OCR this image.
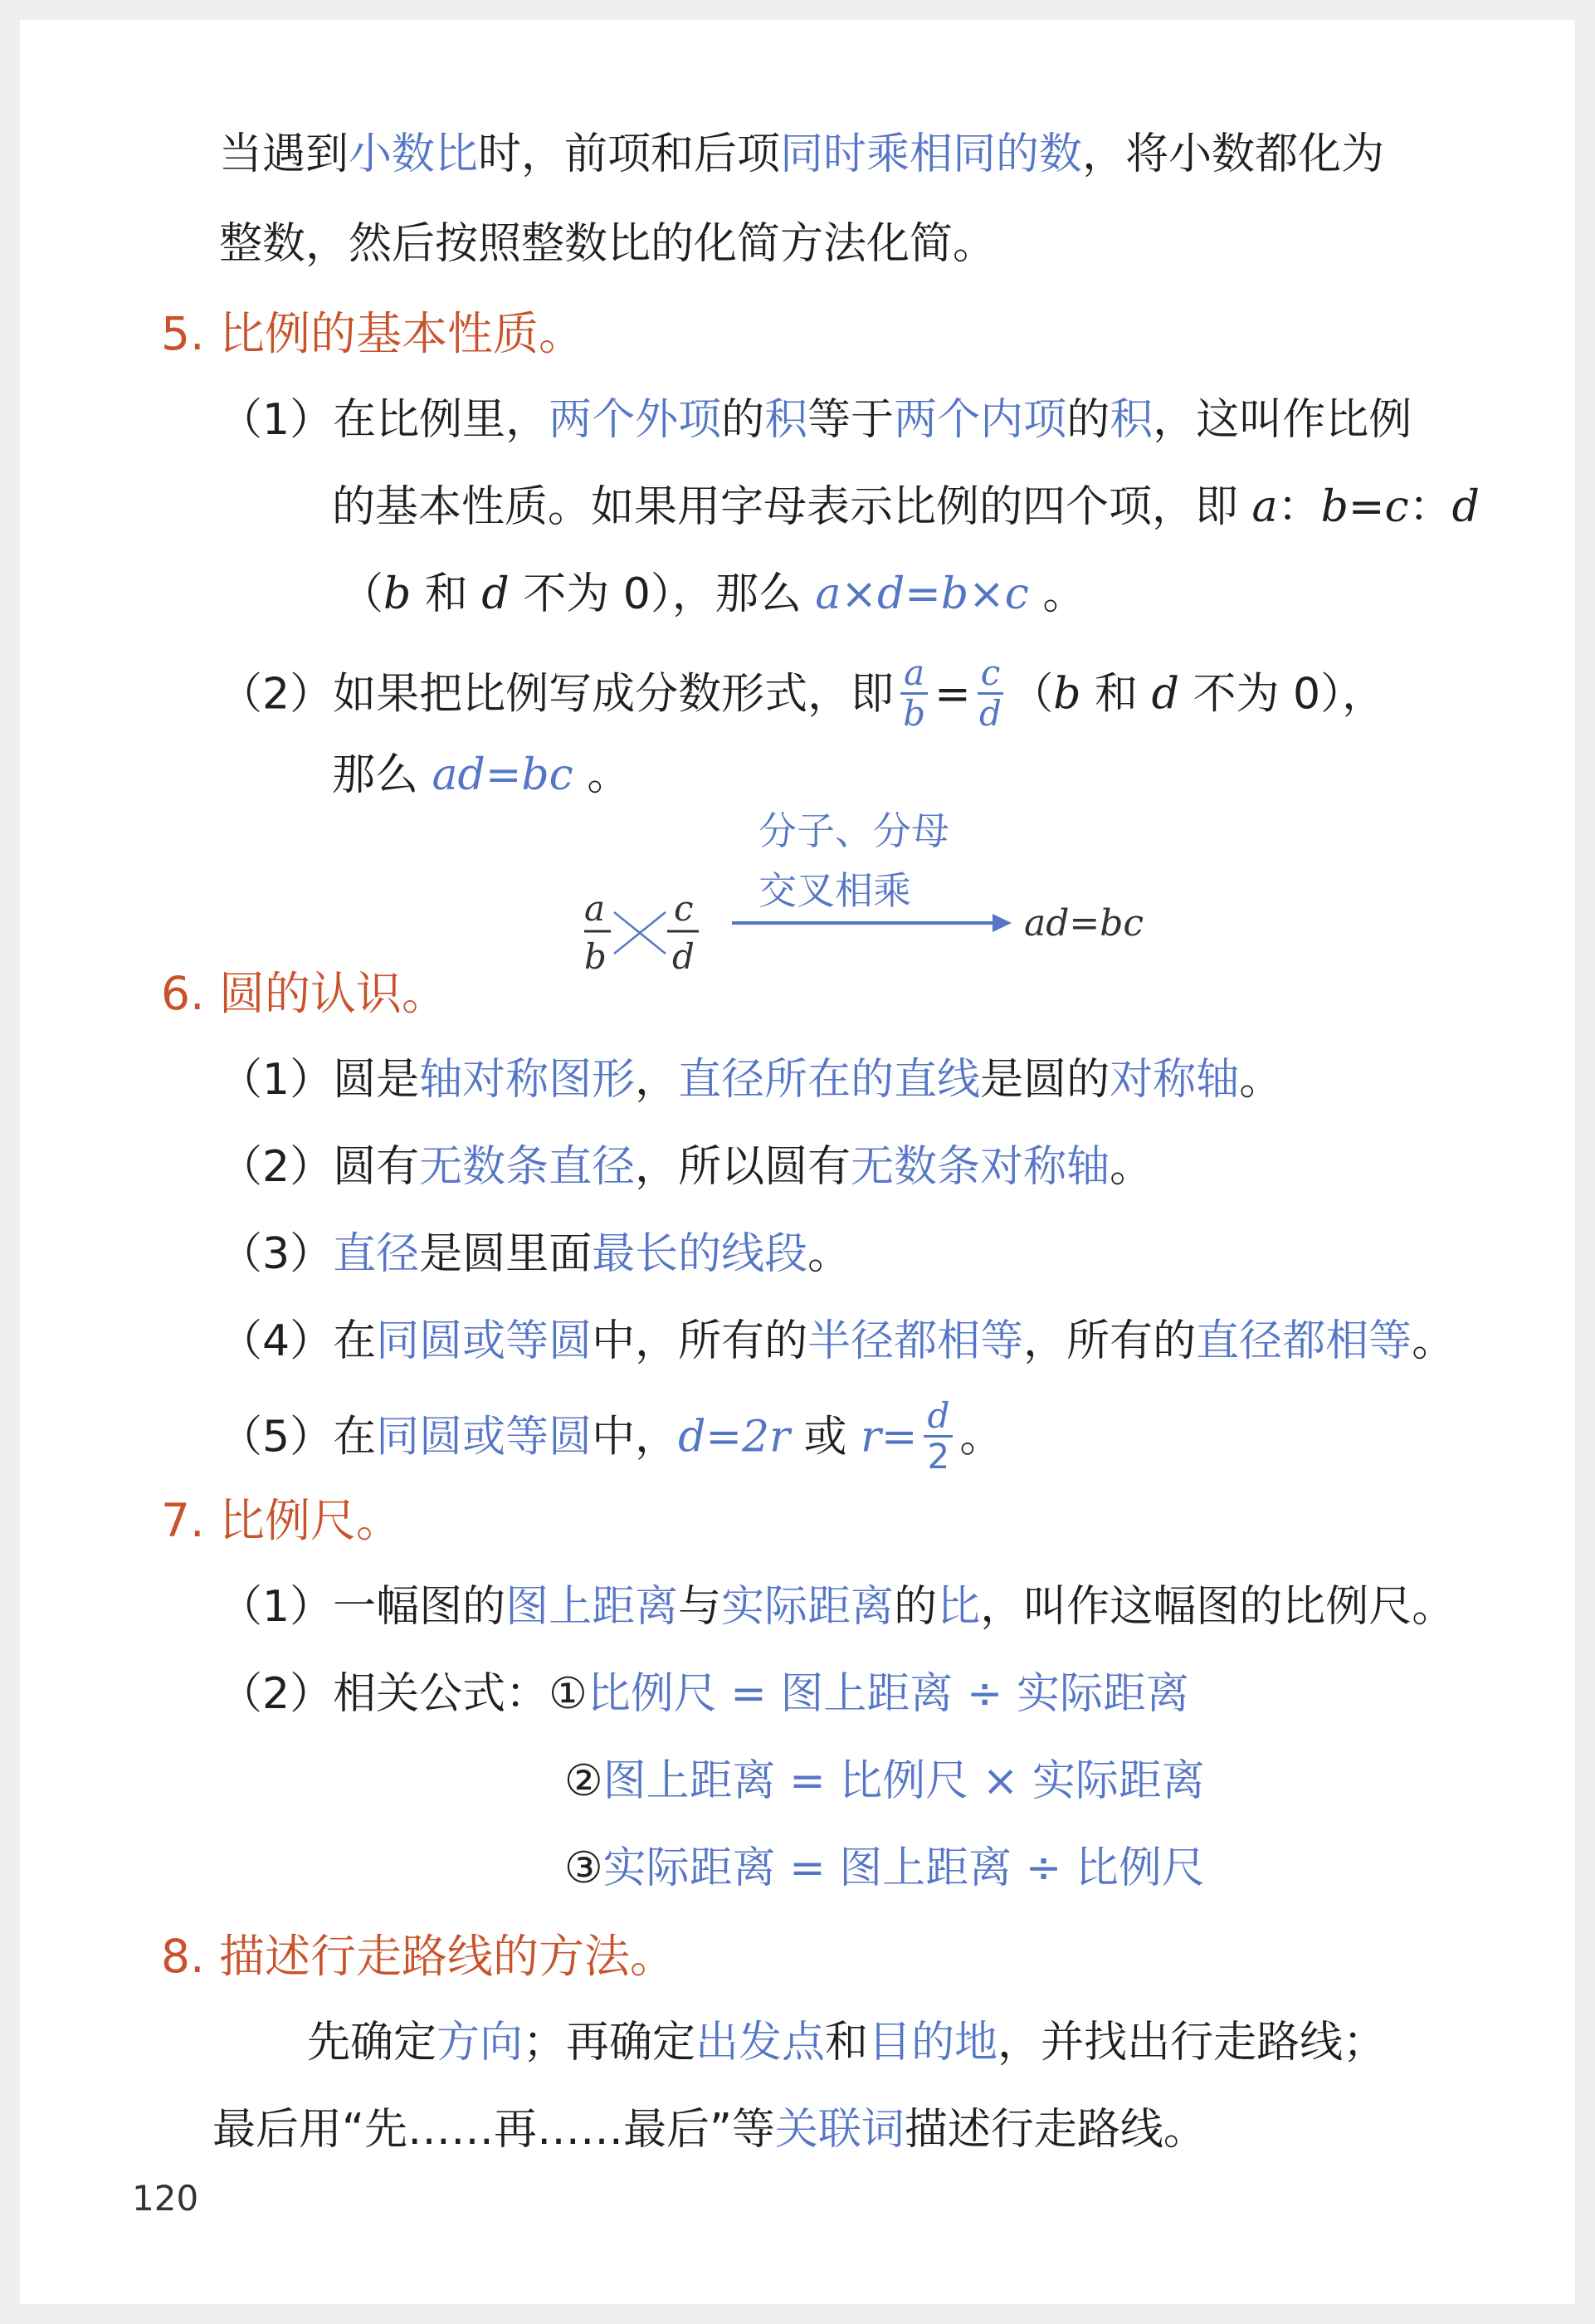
当遇到小数比时，前项和后项同时乘相同的数，将小数都化为
整数，然后按照整数比的化简方法化简。
5. 比例的基本性质。
（1）在比例里，两个外项的积等于两个内项的积，这叫作比例
的基本性质。如果用字母表示比例的四个项，即 a：b=c：d
（b 和 d 不为 0），那么 a×d=b×c 。
（2）如果把比例写成分数形式，即 $\frac{a}{b} = \frac{c}{d} (b$ 和 d 不为 0），
那么 ad=bc 。
分子、分母
交叉相乘
a
b
c
d
ad=bc
6. 圆的认识。
（1）圆是轴对称图形，直径所在的直线是圆的对称轴。
（2）圆有无数条直径，所以圆有无数条对称轴。
（3）直径是圆里面最长的线段。
（4）在同圆或等圆中，所有的半径都相等，所有的直径都相等。
（5）在同圆或等圆中，d=2r 或 $r= \frac{d}{2}$ 。
7. 比例尺。
（1）一幅图的图上距离与实际距离的比，叫作这幅图的比例尺。
（2）相关公式：①比例尺 = 图上距离 ÷ 实际距离
②图上距离 = 比例尺 × 实际距离
③实际距离 = 图上距离 ÷ 比例尺
8. 描述行走路线的方法。
先确定方向；再确定出发点和目的地，并找出行走路线；
最后用“先……再……最后”等关联词描述行走路线。
120
